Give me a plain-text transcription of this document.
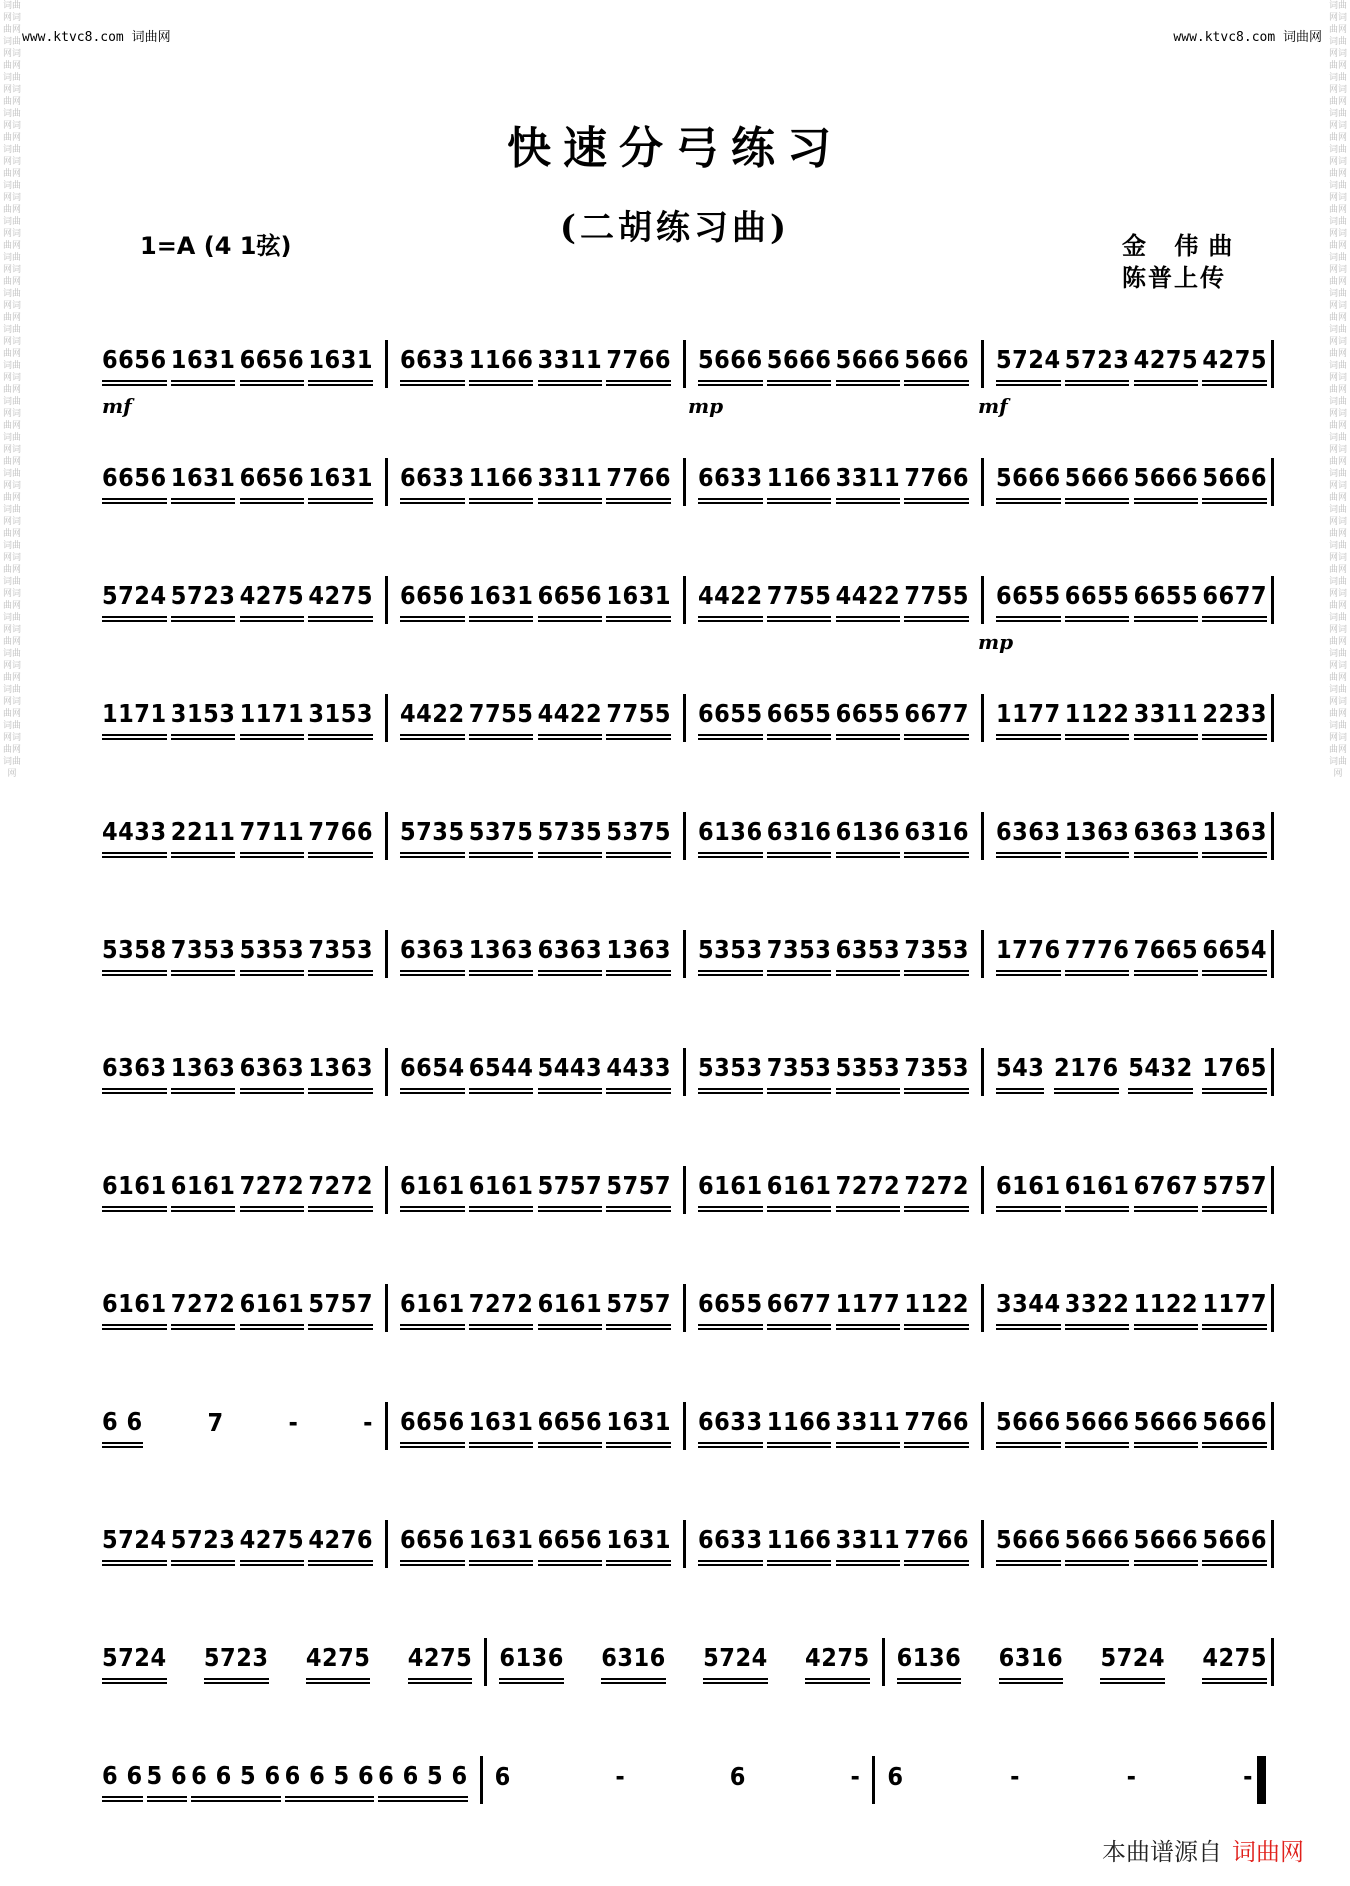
www.ktvc8.com 词曲网	www.ktvc8.com 词曲网
词曲网词曲网词曲网词曲网词曲网词曲网词曲网词曲网词曲网词曲网词曲网词曲网词曲网词曲网词曲网词曲网词曲网词曲网词曲网词曲网词曲网词曲网词曲网词曲网词曲网词曲网词曲网词曲网词曲网词曲网词曲网词曲网词曲网词曲网词曲网词曲网词曲网词曲网词曲网词曲网词曲网词曲网词曲网
词曲网词曲网词曲网词曲网词曲网词曲网词曲网词曲网词曲网词曲网词曲网词曲网词曲网词曲网词曲网词曲网词曲网词曲网词曲网词曲网词曲网词曲网词曲网词曲网词曲网词曲网词曲网词曲网词曲网词曲网词曲网词曲网词曲网词曲网词曲网词曲网词曲网词曲网词曲网词曲网词曲网词曲网词曲网
快速分弓练习
(二胡练习曲)
1=A (4 1弦)	金 伟曲
陈普上传
6656 1631 6656 1631 6633 1166 3311 7766 5666 5666 5666 5666 5724 5723 4275 4275
mf	mp	mf
6656 1631 6656 1631 6633 1166 3311 7766 6633 1166 3311 7766 5666 5666 5666 5666
5724 5723 4275 4275 6656 1631 6656 1631 4422 7755 4422 7755 6655 6655 6655 6677
mp
1171 3153 1171 3153 4422 7755 4422 7755 6655 6655 6655 6677 1177 1122 3311 2233
4433 2211 7711 7766 5735 5375 5735 5375 6136 6316 6136 6316 6363 1363 6363 1363
5358 7353 5353 7353 6363 1363 6363 1363 5353 7353 6353 7353 1776 7776 7665 6654
6363 1363 6363 1363 6654 6544 5443 4433 5353 7353 5353 7353 543 2176 5432 1765
6161 6161 7272 7272 6161 6161 5757 5757 6161 6161 7272 7272 6161 6161 6767 5757
6161 7272 6161 5757 6161 7272 6161 5757 6655 6677 1177 1122 3344 3322 1122 1177
6 6	7	-	- 6656 1631 6656 1631 6633 1166 3311 7766 5666 5666 5666 5666
5724 5723 4275 4276 6656 1631 6656 1631 6633 1166 3311 7766 5666 5666 5666 5666
5724 5723 4275 4275 6136 6316 5724 4275 6136 6316 5724 4275
6 6 5 6 6 6 5 6 6 6 5 6 6 6 5 6 6	-	6	- 6	-	-	-
本曲谱源自 词曲网
